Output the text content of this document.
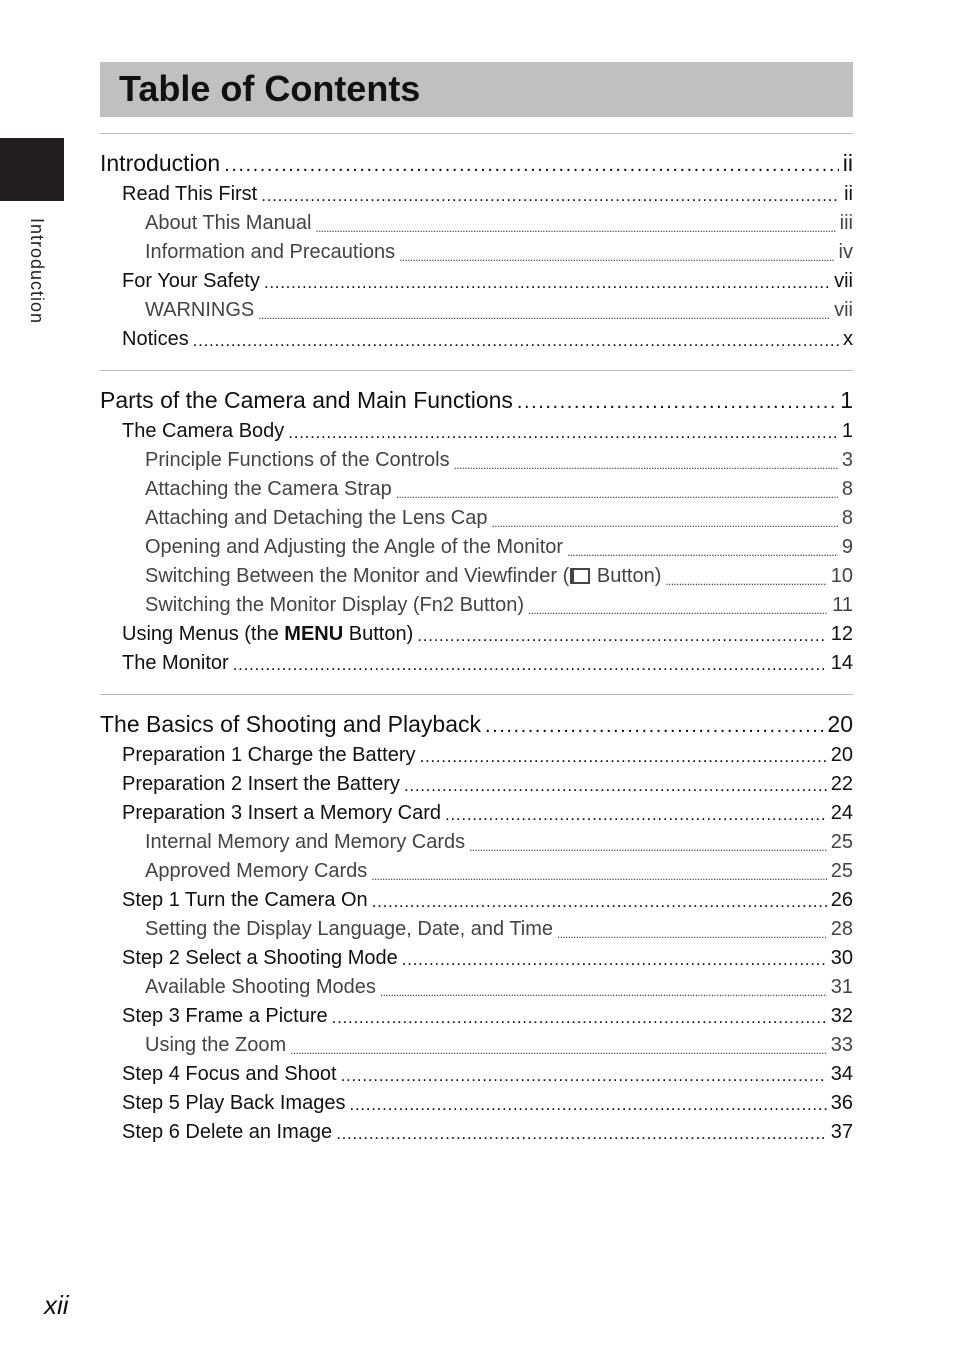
Introduction
Table of Contents
Introduction . . .	ii
Read This First . . .	ii
About This Manual . . .	iii
Information and Precautions . . .	iv
For Your Safety . . .	vii
WARNINGS . . .	vii
Notices . . .	x
Parts of the Camera and Main Functions . . .	1
The Camera Body . . .	1
Principle Functions of the Controls . . .	3
Attaching the Camera Strap . . .	8
Attaching and Detaching the Lens Cap . . .	8
Opening and Adjusting the Angle of the Monitor . . .	9
Switching Between the Monitor and Viewfinder ( Button) . . .	10
Switching the Monitor Display (Fn2 Button) . . .	11
Using Menus (the MENU Button) . . .	12
The Monitor . . .	14
The Basics of Shooting and Playback . . .	20
Preparation 1 Charge the Battery . . .	20
Preparation 2 Insert the Battery . . .	22
Preparation 3 Insert a Memory Card . . .	24
Internal Memory and Memory Cards . . .	25
Approved Memory Cards . . .	25
Step 1 Turn the Camera On . . .	26
Setting the Display Language, Date, and Time . . .	28
Step 2 Select a Shooting Mode . . .	30
Available Shooting Modes . . .	31
Step 3 Frame a Picture . . .	32
Using the Zoom . . .	33
Step 4 Focus and Shoot . . .	34
Step 5 Play Back Images . . .	36
Step 6 Delete an Image . . .	37
xii
